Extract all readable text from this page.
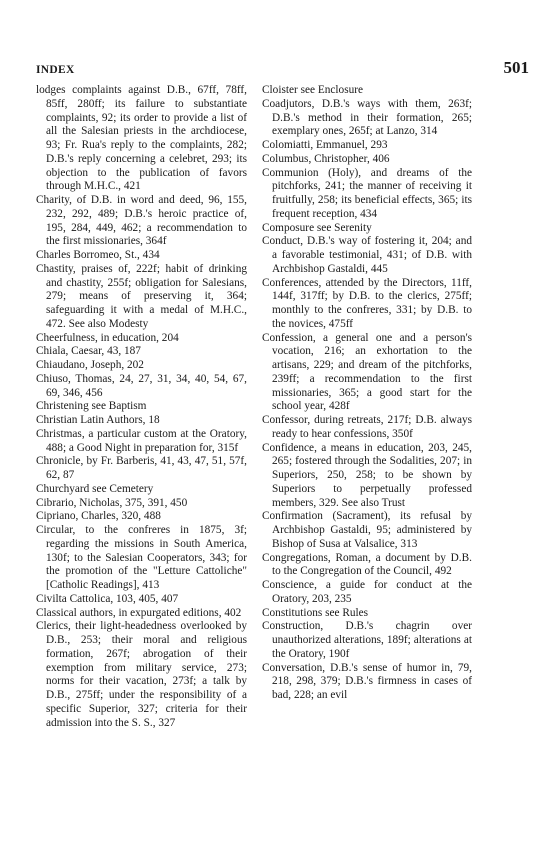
INDEX	501

lodges complaints against D.B., 67ff, 78ff, 85ff, 280ff; its failure to substantiate complaints, 92; its order to provide a list of all the Salesian priests in the archdiocese, 93; Fr. Rua's reply to the complaints, 282; D.B.'s reply concerning a celebret, 293; its objection to the publication of favors through M.H.C., 421

Charity, of D.B. in word and deed, 96, 155, 232, 292, 489; D.B.'s heroic practice of, 195, 284, 449, 462; a recommendation to the first missionaries, 364f

Charles Borromeo, St., 434

Chastity, praises of, 222f; habit of drinking and chastity, 255f; obligation for Salesians, 279; means of preserving it, 364; safeguarding it with a medal of M.H.C., 472. See also Modesty

Cheerfulness, in education, 204

Chiala, Caesar, 43, 187

Chiaudano, Joseph, 202

Chiuso, Thomas, 24, 27, 31, 34, 40, 54, 67, 69, 346, 456

Christening see Baptism

Christian Latin Authors, 18

Christmas, a particular custom at the Oratory, 488; a Good Night in preparation for, 315f

Chronicle, by Fr. Barberis, 41, 43, 47, 51, 57f, 62, 87

Churchyard see Cemetery

Cibrario, Nicholas, 375, 391, 450

Cipriano, Charles, 320, 488

Circular, to the confreres in 1875, 3f; regarding the missions in South America, 130f; to the Salesian Cooperators, 343; for the promotion of the "Letture Cattoliche" [Catholic Readings], 413

Civilta Cattolica, 103, 405, 407

Classical authors, in expurgated editions, 402

Clerics, their light-headedness overlooked by D.B., 253; their moral and religious formation, 267f; abrogation of their exemption from military service, 273; norms for their vacation, 273f; a talk by D.B., 275ff; under the responsibility of a specific Superior, 327; criteria for their admission into the S. S., 327

Cloister see Enclosure

Coadjutors, D.B.'s ways with them, 263f; D.B.'s method in their formation, 265; exemplary ones, 265f; at Lanzo, 314

Colomiatti, Emmanuel, 293

Columbus, Christopher, 406

Communion (Holy), and dreams of the pitchforks, 241; the manner of receiving it fruitfully, 258; its beneficial effects, 365; its frequent reception, 434

Composure see Serenity

Conduct, D.B.'s way of fostering it, 204; and a favorable testimonial, 431; of D.B. with Archbishop Gastaldi, 445

Conferences, attended by the Directors, 11ff, 144f, 317ff; by D.B. to the clerics, 275ff; monthly to the confreres, 331; by D.B. to the novices, 475ff

Confession, a general one and a person's vocation, 216; an exhortation to the artisans, 229; and dream of the pitchforks, 239ff; a recommendation to the first missionaries, 365; a good start for the school year, 428f

Confessor, during retreats, 217f; D.B. always ready to hear confessions, 350f

Confidence, a means in education, 203, 245, 265; fostered through the Sodalities, 207; in Superiors, 250, 258; to be shown by Superiors to perpetually professed members, 329. See also Trust

Confirmation (Sacrament), its refusal by Archbishop Gastaldi, 95; administered by Bishop of Susa at Valsalice, 313

Congregations, Roman, a document by D.B. to the Congregation of the Council, 492

Conscience, a guide for conduct at the Oratory, 203, 235

Constitutions see Rules

Construction, D.B.'s chagrin over unauthorized alterations, 189f; alterations at the Oratory, 190f

Conversation, D.B.'s sense of humor in, 79, 218, 298, 379; D.B.'s firmness in cases of bad, 228; an evil
